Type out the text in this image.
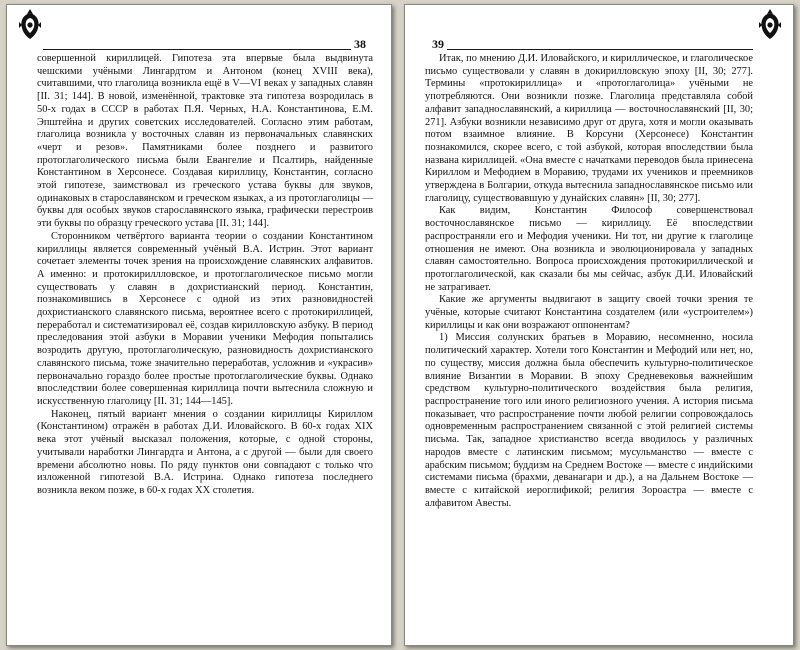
38

совершенной кириллицей. Гипотеза эта впервые была выдвинута чешскими учёными Лингардтом и Антоном (конец XVIII века), считавшими, что глаголица возникла ещё в V—VI веках у западных славян [II. 31; 144]. В новой, изменённой, трактовке эта гипотеза возродилась в 50-х годах в СССР в работах П.Я. Черных, Н.А. Константинова, Е.М. Эпштейна и других советских исследователей. Согласно этим работам, глаголица возникла у восточных славян из первоначальных славянских «черт и резов». Памятниками более позднего и развитого протоглаголического письма были Евангелие и Псалтирь, найденные Константином в Херсонесе. Создавая кириллицу, Константин, согласно этой гипотезе, заимствовал из греческого устава буквы для звуков, одинаковых в старославянском и греческом языках, а из протоглаголицы — буквы для особых звуков старославянского языка, графически перестроив эти буквы по образцу греческого устава [II. 31; 144].

Сторонником четвёртого варианта теории о создании Константином кириллицы является современный учёный В.А. Истрин. Этот вариант сочетает элементы точек зрения на происхождение славянских алфавитов. А именно: и протокириллловское, и протоглаголическое письмо могли существовать у славян в дохристианский период. Константин, познакомившись в Херсонесе с одной из этих разновидностей дохристианского славянского письма, вероятнее всего с протокириллицей, переработал и систематизировал её, создав кирилловскую азбуку. В период преследования этой азбуки в Моравии ученики Мефодия попытались возродить другую, протоглаголическую, разновидность дохристианского славянского письма, тоже значительно переработав, усложнив и «украсив» первоначально гораздо более простые протоглаголические буквы. Однако впоследствии более совершенная кириллица почти вытеснила сложную и искусственную глаголицу [II. 31; 144—145].

Наконец, пятый вариант мнения о создании кириллицы Кириллом (Константином) отражён в работах Д.И. Иловайского. В 60-х годах XIX века этот учёный высказал положения, которые, с одной стороны, учитывали наработки Лингардта и Антона, а с другой — были для своего времени абсолютно новы. По ряду пунктов они совпадают с только что изложенной гипотезой В.А. Истрина. Однако гипотеза последнего возникла веком позже, в 60-х годах XX столетия.

39

Итак, по мнению Д.И. Иловайского, и кириллическое, и глаголическое письмо существовали у славян в докирилловскую эпоху [II, 30; 277]. Термины «протокириллица» и «протоглаголица» учёными не употребляются. Они возникли позже. Глаголица представляла собой алфавит западнославянский, а кириллица — восточнославянский [II, 30; 271]. Азбуки возникли независимо друг от друга, хотя и могли оказывать потом взаимное влияние. В Корсуни (Херсонесе) Константин познакомился, скорее всего, с той азбукой, которая впоследствии была названа кириллицей. «Она вместе с начатками переводов была принесена Кириллом и Мефодием в Моравию, трудами их учеников и преемников утверждена в Болгарии, откуда вытеснила западнославянское письмо или глаголицу, существовавшую у дунайских славян» [II, 30; 277].

Как видим, Константин Философ совершенствовал восточнославянское письмо — кириллицу. Её впоследствии распространяли его и Мефодия ученики. Ни тот, ни другие к глаголице отношения не имеют. Она возникла и эволюционировала у западных славян самостоятельно. Вопроса происхождения протокириллической и протоглаголической, как сказали бы мы сейчас, азбук Д.И. Иловайский не затрагивает.

Какие же аргументы выдвигают в защиту своей точки зрения те учёные, которые считают Константина создателем (или «устроителем») кириллицы и как они возражают оппонентам?

1) Миссия солунских братьев в Моравию, несомненно, носила политический характер. Хотели того Константин и Мефодий или нет, но, по существу, миссия должна была обеспечить культурно-политическое влияние Византии в Моравии. В эпоху Средневековья важнейшим средством культурно-политического воздействия была религия, распространение того или иного религиозного учения. А история письма показывает, что распространение почти любой религии сопровождалось одновременным распространением связанной с этой религией системы письма. Так, западное христианство всегда вводилось у различных народов вместе с латинским письмом; мусульманство — вместе с арабским письмом; буддизм на Среднем Востоке — вместе с индийскими системами письма (брахми, деванагари и др.), а на Дальнем Востоке — вместе с китайской иероглификой; религия Зороастра — вместе с алфавитом Авесты.
